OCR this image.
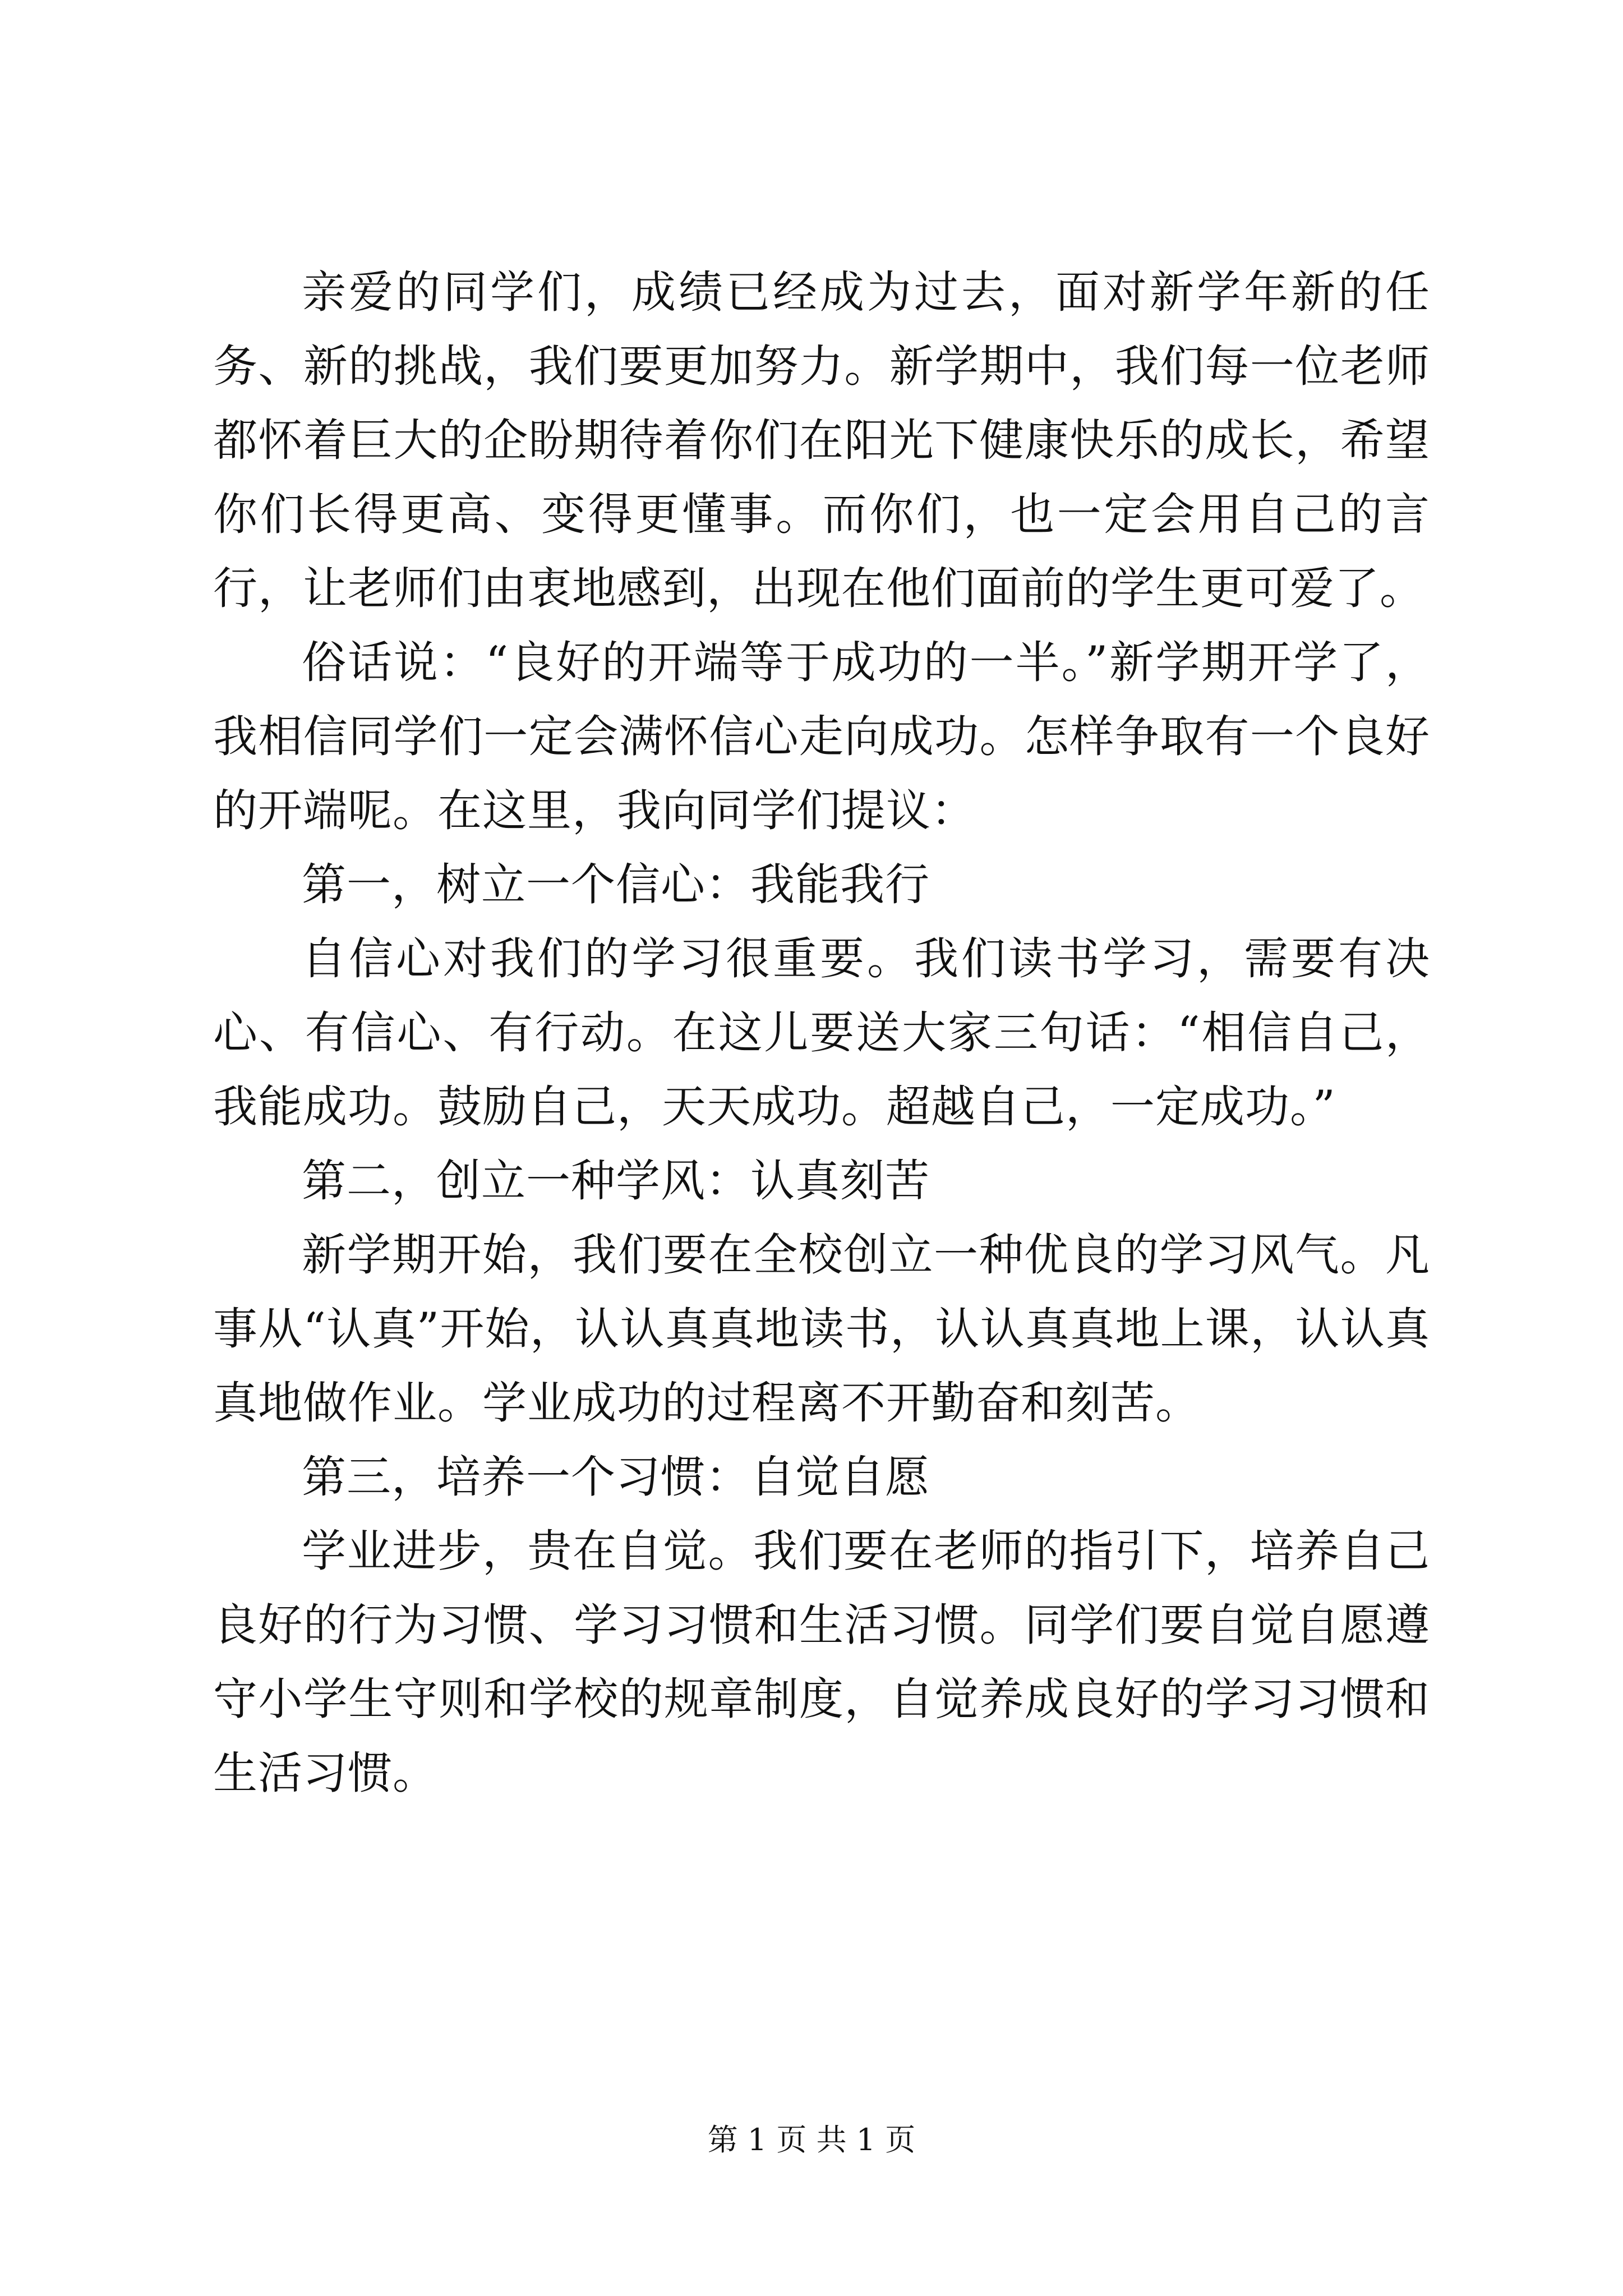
亲爱的同学们，成绩已经成为过去，面对新学年新的任务、新的挑战，我们要更加努力。新学期中，我们每一位老师都怀着巨大的企盼期待着你们在阳光下健康快乐的成长，希望你们长得更高、变得更懂事。而你们，也一定会用自己的言行，让老师们由衷地感到，出现在他们面前的学生更可爱了。

俗话说：“良好的开端等于成功的一半。”新学期开学了，我相信同学们一定会满怀信心走向成功。怎样争取有一个良好的开端呢。在这里，我向同学们提议：

第一，树立一个信心：我能我行

自信心对我们的学习很重要。我们读书学习，需要有决心、有信心、有行动。在这儿要送大家三句话：“相信自己，我能成功。鼓励自己，天天成功。超越自己，一定成功。”

第二，创立一种学风：认真刻苦

新学期开始，我们要在全校创立一种优良的学习风气。凡事从“认真”开始，认认真真地读书，认认真真地上课，认认真真地做作业。学业成功的过程离不开勤奋和刻苦。

第三，培养一个习惯：自觉自愿

学业进步，贵在自觉。我们要在老师的指引下，培养自己良好的行为习惯、学习习惯和生活习惯。同学们要自觉自愿遵守小学生守则和学校的规章制度，自觉养成良好的学习习惯和生活习惯。

第 1 页 共 1 页
